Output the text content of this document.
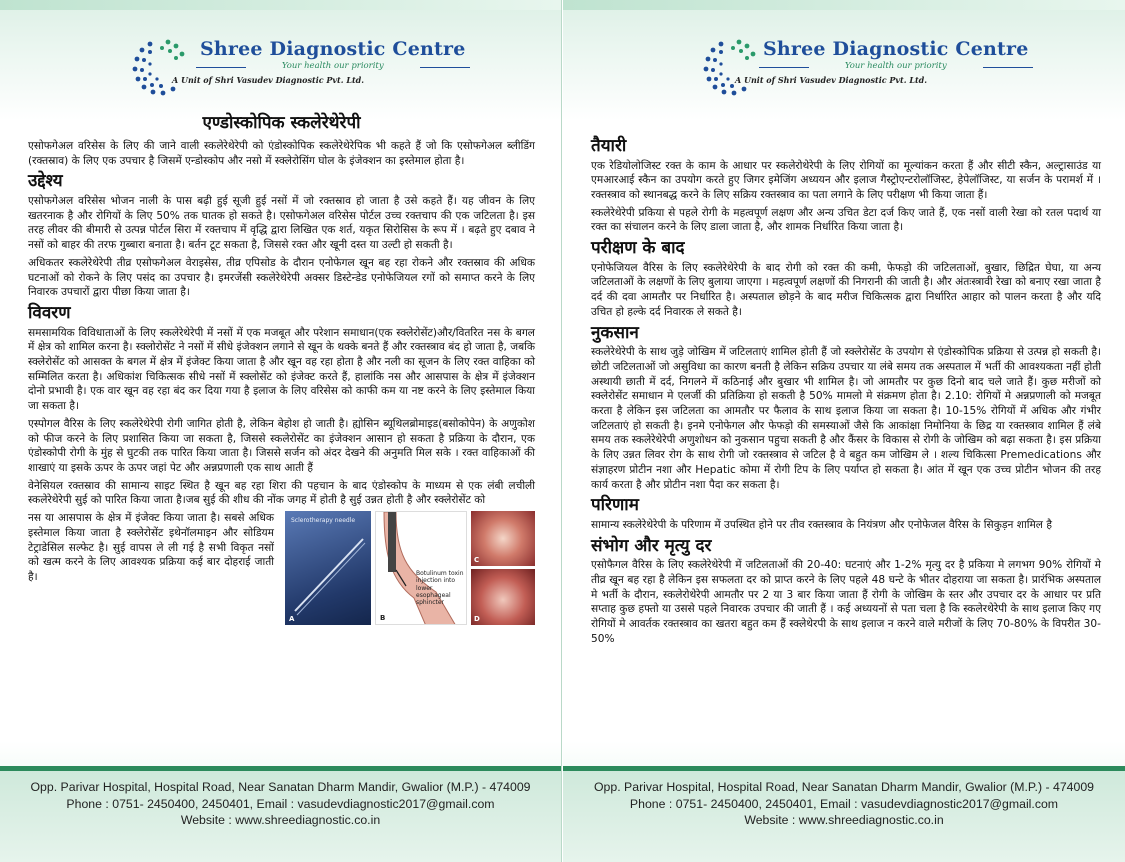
Shree Diagnostic Centre
Your health our priority
A Unit of Shri Vasudev Diagnostic Pvt. Ltd.
एण्डोस्कोपिक स्कलेरेथेरेपी

एसोफगेअल वरिसेस के लिए की जाने वाली स्कलेरेथेरेपी को एंडोस्कोपिक स्कलेरेथेरेपिक भी कहते हैं जो कि एसोफगेअल ब्लीडिंग (रक्तस्राव) के लिए एक उपचार है जिसमें एन्डोस्कोप और नसो में स्क्लेरोसिंग घोल के इंजेक्शन का इस्तेमाल होता है।

उद्देश्य

एसोफगेअल वरिसेस भोजन नाली के पास बढ़ी हुई सूजी हुई नसों में जो रक्तस्राव हो जाता है उसे कहते हैं। यह जीवन के लिए खतरनाक है और रोगियों के लिए 50% तक घातक हो सकते है। एसोफगेअल वरिसेस पोर्टल उच्च रक्तचाप की एक जटिलता है। इस तरह लीवर की बीमारी से उत्पन्न पोर्टल सिरा में रक्तचाप में वृद्धि द्वारा लिखित एक शर्त, यकृत सिरोसिस के रूप में । बढ़ते हुए दबाव ने नसों को बाहर की तरफ गुब्बारा बनाता है। बर्तन टूट सकता है, जिससे रक्त और खूनी दस्त या उल्टी हो सकती है।

अधिकतर स्कलेरेथेरेपी तीव्र एसोफगेअल वेराइसेस, तीव्र एपिसोड के दौरान एनोफेगल खून बह रहा रोकने और रक्तस्राव की अधिक घटनाओं को रोकने के लिए पसंद का उपचार है। इमरजेंसी स्कलेरेथेरेपी अक्सर डिस्टेन्डेड एनोफेजियल रगों को समाप्त करने के लिए निवारक उपचारों द्वारा पीछा किया जाता है।

विवरण

समसामयिक विविधाताओं के लिए स्कलेरेथेरेपी में नसों में एक मजबूत और परेशान समाधान(एक स्क्लेरोसेंट)और/वितरित नस के बगल में क्षेत्र को शामिल करना है। स्क्लोरोसेंट ने नसों में सीधे इंजेक्शन लगाने से खून के थक्के बनते हैं और रक्तस्त्राव बंद हो जाता है, जबकि स्क्लेरोसेंट को आसक्त के बगल में क्षेत्र में इंजेक्ट किया जाता है और खून वह रहा होता है और नली का सूजन के लिए रक्त वाहिका को सम्मिलित करता है। अधिकांश चिकित्सक सीधे नसों में स्क्लोसेंट को इंजेक्ट करते हैं, हालांकि नस और आसपास के क्षेत्र में इंजेक्शन दोनो प्रभावी है। एक वार खून वह रहा बंद कर दिया गया है इलाज के लिए वरिसेस को काफी कम या नष्ट करने के लिए इस्तेमाल किया जा सकता है।

एस्पोगल वैरिस के लिए स्कलेरेथेरेपी रोगी जागित होती है, लेकिन बेहोश हो जाती है। ह्योसिन ब्यूथिलब्रोमाइड(बसोकोपेन) के अणुकोश को फीज करने के लिए प्रशासित किया जा सकता है, जिससे स्कलेरोसेंट का इंजेक्शन आसान हो सकता है प्रक्रिया के दौरान, एक एंडोस्कोपी रोगी के मुंह से घुटकी तक पारित किया जाता है। जिससे सर्जन को अंदर देखने की अनुमति मिल सके । रक्त वाहिकाओं की शाखाएं या इसके ऊपर के ऊपर जहां पेट और अन्नप्रणाली एक साथ आती हैं

वेनेसियल रक्तस्राव की सामान्य साइट स्थित है खून बह रहा शिरा की पहचान के बाद एंडोस्कोप के माध्यम से एक लंबी लचीली स्कलेरेथेरेपी सुई को पारित किया जाता है।जब सुई की शीध की नोंक जगह में होती है सुई उन्नत होती है और स्क्लेरोसेंट को

नस या आसपास के क्षेत्र में इंजेक्ट किया जाता है। सबसे अधिक इस्तेमाल किया जाता है स्क्लेरोसेंट इथेनॉलमाइन और सोडियम टेट्राडेसिल सल्फेट है। सुई वापस ले ली गई है सभी विकृत नसों को खत्म करने के लिए आवश्यक प्रक्रिया कई बार दोहराई जाती है।

Sclerotherapy needle
A
Botulinum toxin injection into lower esophageal sphincter
B
C
D
Opp. Parivar Hospital, Hospital Road, Near Sanatan Dharm Mandir, Gwalior (M.P.) - 474009
Phone : 0751- 2450400, 2450401, Email : vasudevdiagnostic2017@gmail.com
Website : www.shreediagnostic.co.in
Shree Diagnostic Centre
Your health our priority
A Unit of Shri Vasudev Diagnostic Pvt. Ltd.
तैयारी

एक रेडियोलोजिस्ट रक्त के काम के आधार पर स्कलेरोथेरेपी के लिए रोगियों का मूल्यांकन करता हैं और सीटी स्कैन, अल्ट्रासाउंड या एमआरआई स्कैन का उपयोग करते हुए जिगर इमेजिंग अध्ययन और इलाज गैस्ट्रोएन्टरोलॉजिस्ट, हेपेलॉजिस्ट, या सर्जन के परामर्श में । रक्तस्त्राव को स्थानबद्ध करने के लिए सक्रिय रक्तस्त्राव का पता लगाने के लिए परीक्षण भी किया जाता हैं।

स्कलेरेथेरेपी प्रकिया से पहले रोगी के महत्वपूर्ण लक्षण और अन्य उचित डेटा दर्ज किए जाते हैं, एक नसों वाली रेखा को रतल पदार्थ या रक्त का संचालन करने के लिए डाला जाता है, और शामक निर्धारित किया जाता है।

परीक्षण के बाद

एनोफेजियल वैरिस के लिए स्कलेरेथेरेपी के बाद रोगी को रक्त की कमी, फेफड़ो की जटिलताओं, बुखार, छिद्रित घेघा, या अन्य जटिलताओं के लक्षणों के लिए बुलाया जाएगा । महत्वपूर्ण लक्षणों की निगरानी की जाती है। और अंतःस्त्रावी रेखा को बनाए रखा जाता है दर्द की दवा आमतौर पर निर्धारित है। अस्पताल छोड़ने के बाद मरीज चिकित्सक द्वारा निर्धारित आहार को पालन करता है और यदि उचित हो हल्के दर्द निवारक ले सकते है।

नुकसान

स्कलेरेथेरेपी के साथ जुड़े जोखिम में जटिलताएं शामिल होती हैं जो स्क्लेरोसेंट के उपयोग से एंडोस्कोपिक प्रक्रिया से उत्पन्न हो सकती है। छोटी जटिलताओं जो असुविधा का कारण बनती है लेकिन सक्रिय उपचार या लंबे समय तक अस्पताल में भर्ती की आवश्यकता नहीं होती अस्थायी छाती में दर्द, निगलने में कठिनाई और बुखार भी शामिल है। जो आमतौर पर कुछ दिनो बाद चले जाते हैं। कुछ मरीजों को स्क्लेरोसेंट समाधान मे एलर्जी की प्रतिक्रिया हो सकती है 50% मामलो मे संक्रमण होता है। 2.10: रोगियों मे अन्नप्रणाली को मजबूत करता है लेकिन इस जटिलता का आमतौर पर फैलाव के साथ इलाज किया जा सकता है। 10-15% रोगियों में अधिक और गंभीर जटिलताएं हो सकती है। इनमे एनोफेगल और फेफड़ो की समस्याओं जैसे कि आकांक्षा निमोनिया के छिद्र या रक्तस्त्राव शामिल हैं लंबे समय तक स्कलेरेथेरेपी अणुशोधन को नुकसान पहुचा सकती है और कैंसर के विकास से रोगी के जोखिम को बढ़ा सकता है। इस प्रक्रिया के लिए उन्नत लिवर रोग के साथ रोगी जो रक्तस्त्राव से जटिल है वे बहुत कम जोखिम ले । शल्य चिकित्सा Premedications और संज्ञाहरण प्रोटीन नशा और Hepatic कोमा में रोगी टिप के लिए पर्याप्त हो सकता है। आंत में खून एक उच्च प्रोटीन भोजन की तरह कार्य करता है और प्रोटीन नशा पैदा कर सकता है।

परिणाम

सामान्य स्कलेरेथेरेपी के परिणाम में उपस्थित होने पर तीव रक्तस्त्राव के नियंत्रण और एनोफेजल वैरिस के सिकुड़न शामिल है

संभोग और मृत्यु दर

एसोफैगल वैरिस के लिए स्कलेरेथेरेपी में जटिलताओं की 20-40: घटनाएं और 1-2% मृत्यु दर है प्रकिया मे लगभग 90% रोगियों मे तीव्र खून बह रहा है लेकिन इस सफलता दर को प्राप्त करने के लिए पहले 48 घन्टे के भीतर दोहराया जा सकता है। प्रारंभिक अस्पताल मे भर्ती के दौरान, स्कलेरोथेरेपी आमतौर पर 2 या 3 बार किया जाता हैं रोगी के जोखिम के स्तर और उपचार दर के आधार पर प्रति सप्ताह कुछ हफ्तो या उससे पहले निवारक उपचार की जाती हैं । कई अध्ययनों से पता चला है कि स्कलेरथेरेपी के साथ इलाज किए गए रोगियों मे आवर्तक रक्तस्त्राव का खतरा बहुत कम हैं स्क्लेथेरपी के साथ इलाज न करने वाले मरीजों के लिए 70-80% के विपरीत 30-50%

Opp. Parivar Hospital, Hospital Road, Near Sanatan Dharm Mandir, Gwalior (M.P.) - 474009
Phone : 0751- 2450400, 2450401, Email : vasudevdiagnostic2017@gmail.com
Website : www.shreediagnostic.co.in
